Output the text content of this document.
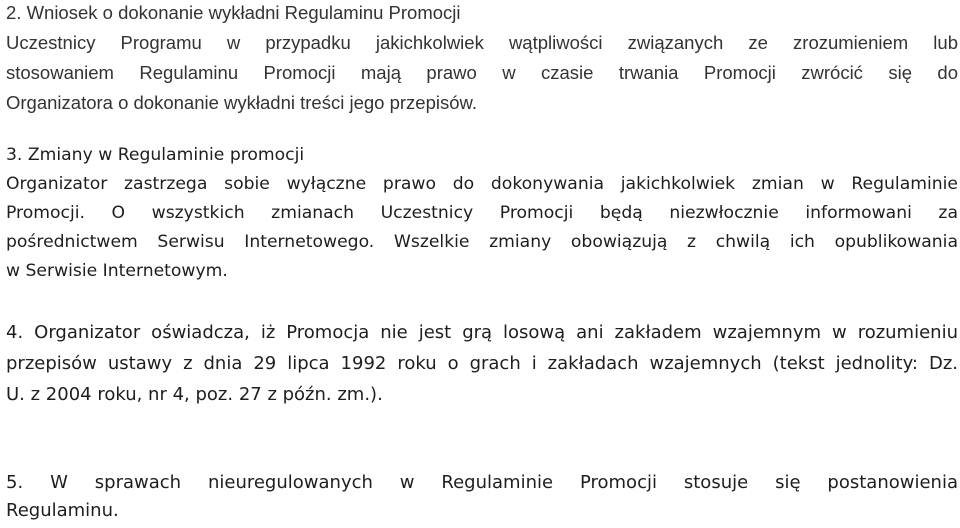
2. Wniosek o dokonanie wykładni Regulaminu Promocji
Uczestnicy Programu w przypadku jakichkolwiek wątpliwości związanych ze zrozumieniem lub
stosowaniem Regulaminu Promocji mają prawo w czasie trwania Promocji zwrócić się do
Organizatora o dokonanie wykładni treści jego przepisów.
3. Zmiany w Regulaminie promocji
Organizator zastrzega sobie wyłączne prawo do dokonywania jakichkolwiek zmian w Regulaminie
Promocji. O wszystkich zmianach Uczestnicy Promocji będą niezwłocznie informowani za
pośrednictwem Serwisu Internetowego. Wszelkie zmiany obowiązują z chwilą ich opublikowania
w Serwisie Internetowym.
4. Organizator oświadcza, iż Promocja nie jest grą losową ani zakładem wzajemnym w rozumieniu
przepisów ustawy z dnia 29 lipca 1992 roku o grach i zakładach wzajemnych (tekst jednolity: Dz.
U. z 2004 roku, nr 4, poz. 27 z późn. zm.).
5. W sprawach nieuregulowanych w Regulaminie Promocji stosuje się postanowienia
Regulaminu.
